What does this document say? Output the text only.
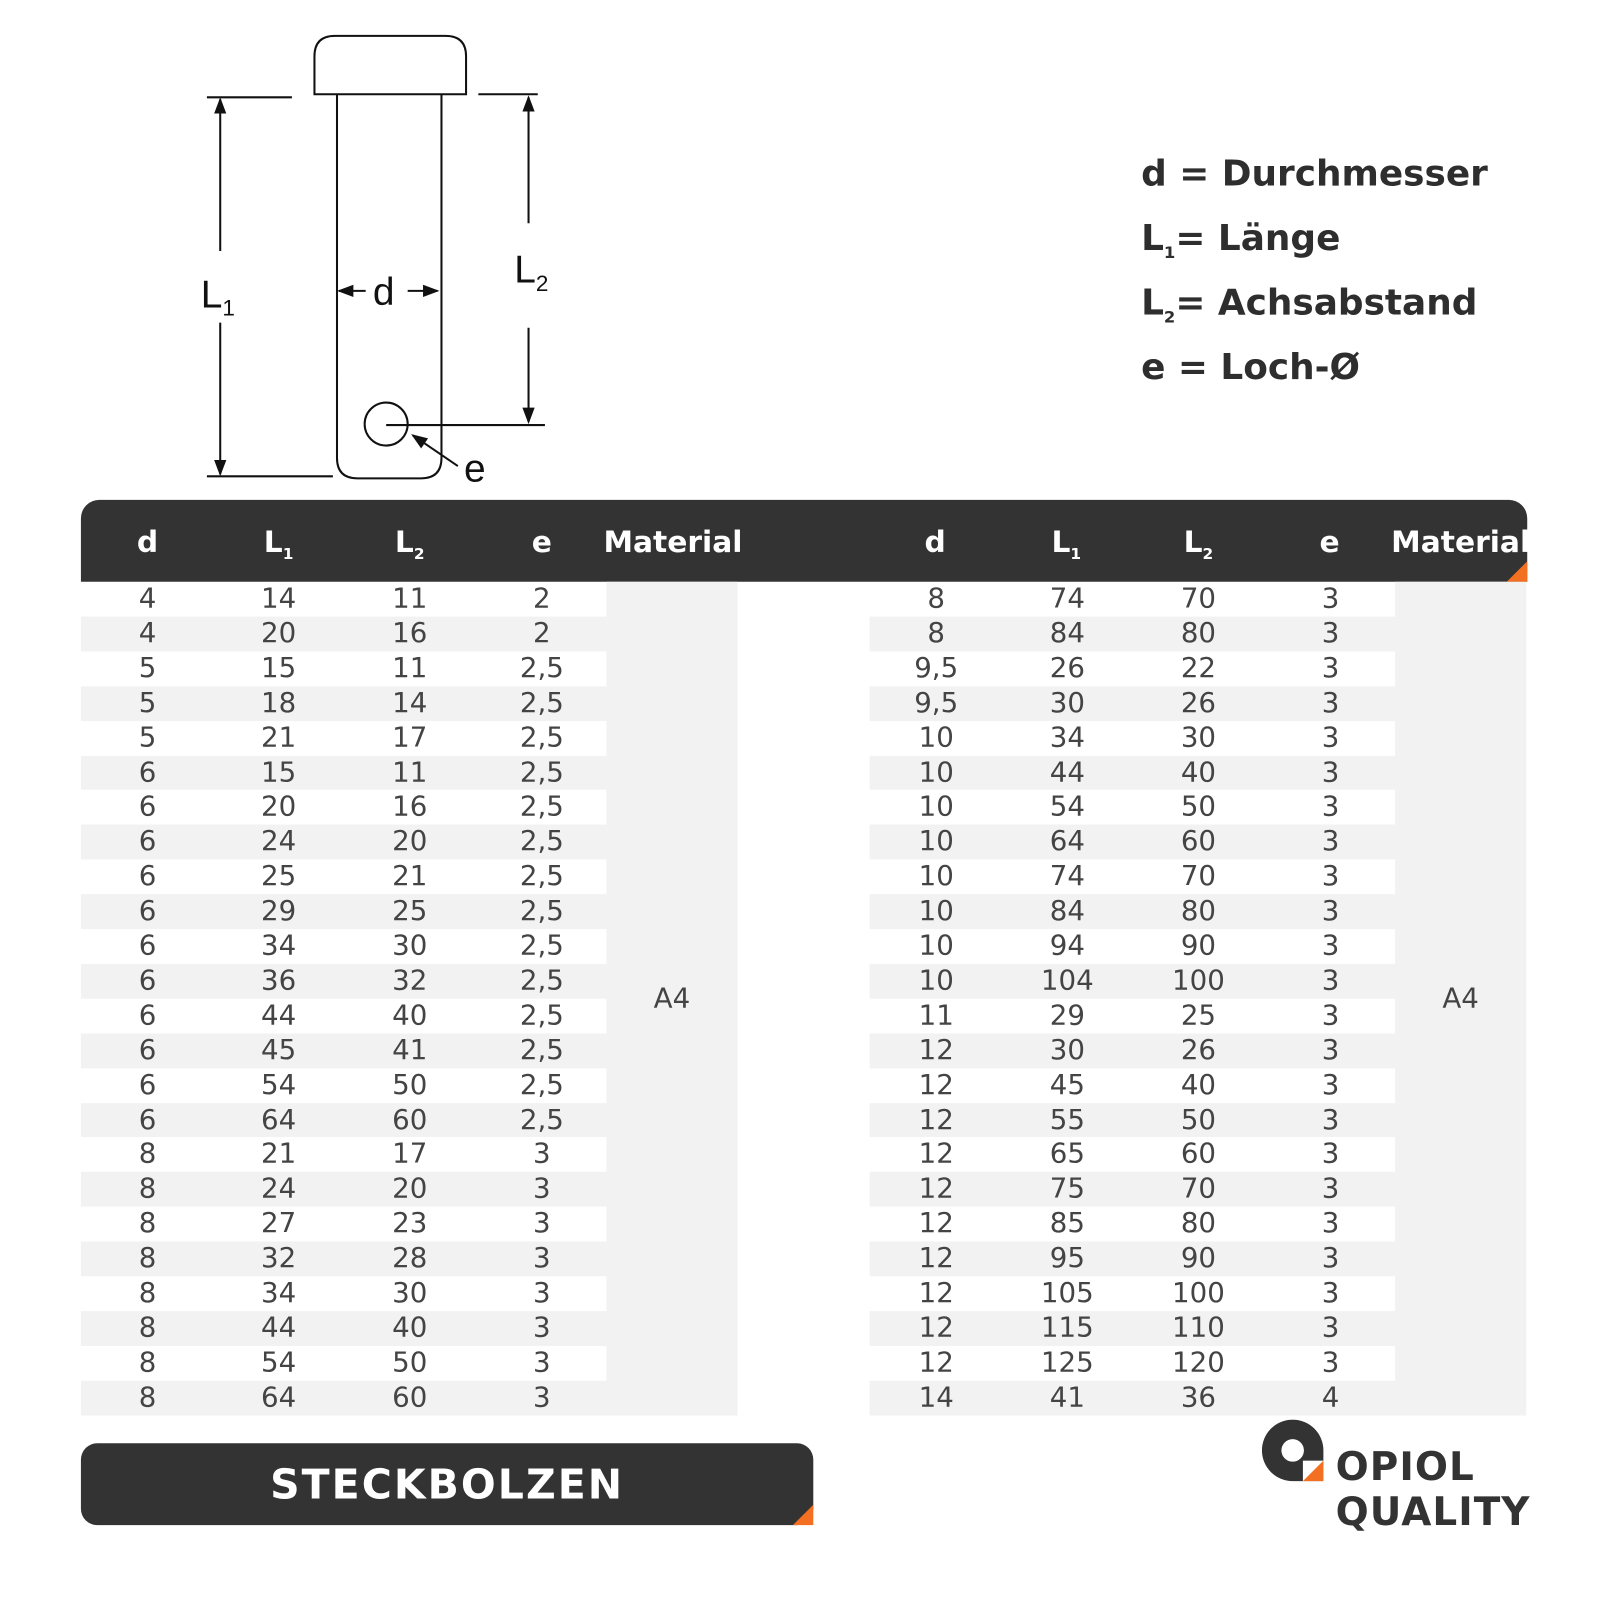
$L_1$
$L_2$
d
e
d = Durchmesser
$L_1=$ Länge
$L_2=$ Achsabstand
e = Loch-Ø
d	$L_1$	$L_2$	e Material	d	$L_1$	$L_2$	e Material
8	64	60	3
8	54	50	3
8	44	40	3
8	34	30	3
8	32	28	3
8	27	23	3
8	24	20	3
8	21	17	3
6	64	60	2,5
6	54	50	2,5
6	45	41	2,5
6	44	40	2,5
6	36	32	2,5
6	34	30	2,5
6	29	25	2,5
6	25	21	2,5
6	24	20	2,5
6	20	16	2,5
6	15	11	2,5
5	21	17	2,5
5	18	14	2,5
5	15	11	2,5
4	20	16	2
4	14	11	2
A4
14	41	36	4
12	125	120	3
12	115	110	3
12	105	100	3
12	95	90	3
12	85	80	3
12	75	70	3
12	65	60	3
12	55	50	3
12	45	40	3
12	30	26	3
11	29	25	3
10	104	100	3
10	94	90	3
10	84	80	3
10	74	70	3
10	64	60	3
10	54	50	3
10	44	40	3
10	34	30	3
9,5	30	26	3
9,5	26	22	3
8	84	80	3
8	74	70	3
A4
STECKBOLZEN	OPIOL
QUALITY
